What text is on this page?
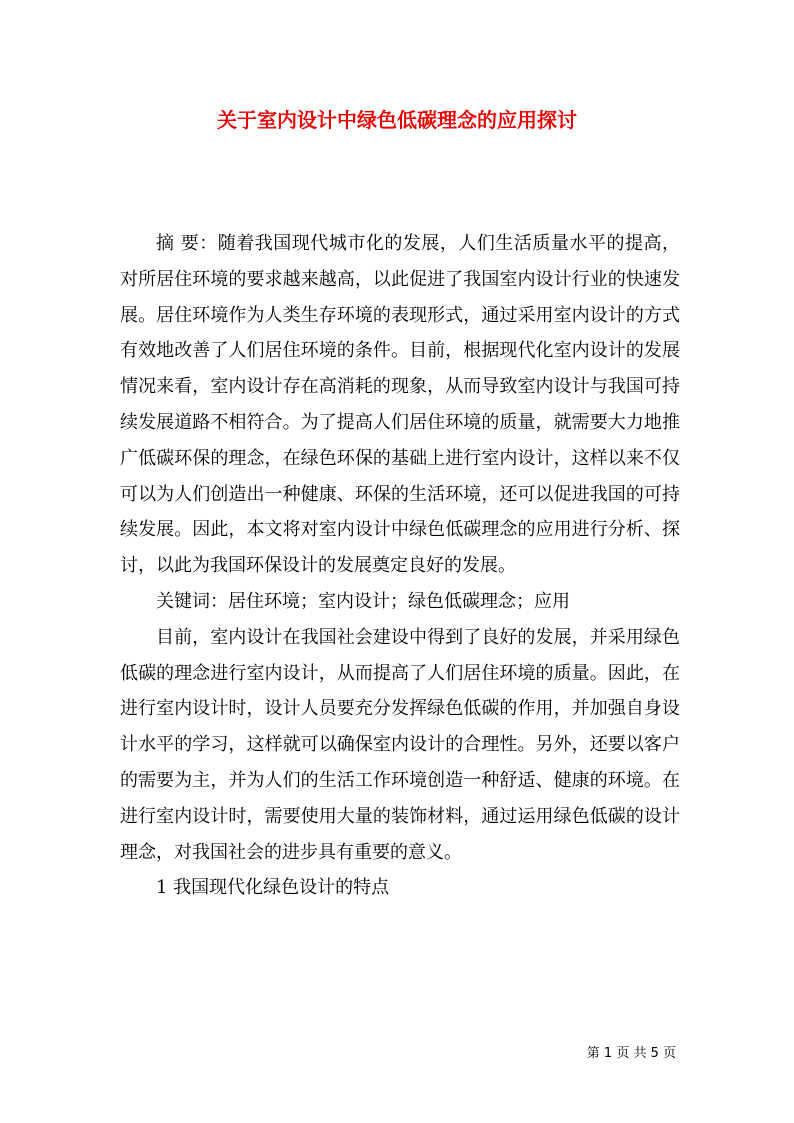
关于室内设计中绿色低碳理念的应用探讨

摘 要：随着我国现代城市化的发展，人们生活质量水平的提高，对所居住环境的要求越来越高，以此促进了我国室内设计行业的快速发展。居住环境作为人类生存环境的表现形式，通过采用室内设计的方式有效地改善了人们居住环境的条件。目前，根据现代化室内设计的发展情况来看，室内设计存在高消耗的现象，从而导致室内设计与我国可持续发展道路不相符合。为了提高人们居住环境的质量，就需要大力地推广低碳环保的理念，在绿色环保的基础上进行室内设计，这样以来不仅可以为人们创造出一种健康、环保的生活环境，还可以促进我国的可持续发展。因此，本文将对室内设计中绿色低碳理念的应用进行分析、探讨，以此为我国环保设计的发展奠定良好的发展。

关键词：居住环境；室内设计；绿色低碳理念；应用

目前，室内设计在我国社会建设中得到了良好的发展，并采用绿色低碳的理念进行室内设计，从而提高了人们居住环境的质量。因此，在进行室内设计时，设计人员要充分发挥绿色低碳的作用，并加强自身设计水平的学习，这样就可以确保室内设计的合理性。另外，还要以客户的需要为主，并为人们的生活工作环境创造一种舒适、健康的环境。在进行室内设计时，需要使用大量的装饰材料，通过运用绿色低碳的设计理念，对我国社会的进步具有重要的意义。

1 我国现代化绿色设计的特点

第 1 页 共 5 页
